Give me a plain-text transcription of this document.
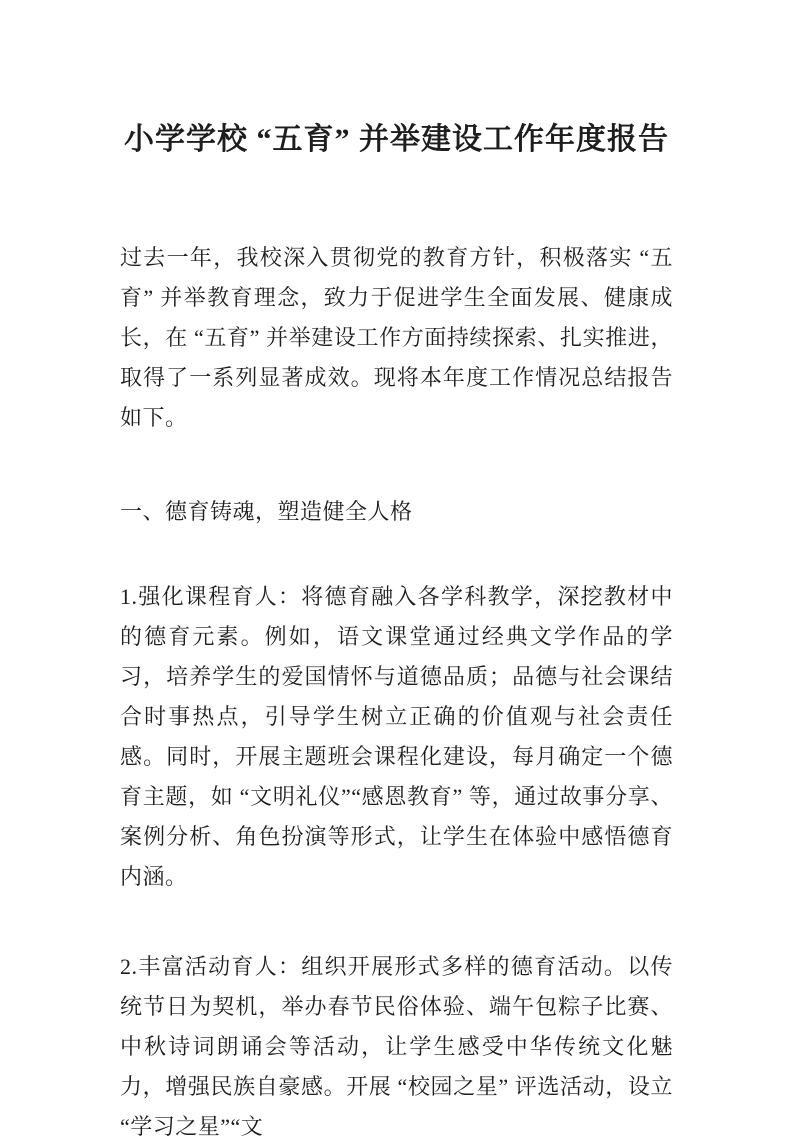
小学学校 “五育” 并举建设工作年度报告

过去一年，我校深入贯彻党的教育方针，积极落实 “五育” 并举教育理念，致力于促进学生全面发展、健康成长，在 “五育” 并举建设工作方面持续探索、扎实推进，取得了一系列显著成效。现将本年度工作情况总结报告如下。

一、德育铸魂，塑造健全人格

1.强化课程育人：将德育融入各学科教学，深挖教材中的德育元素。例如，语文课堂通过经典文学作品的学习，培养学生的爱国情怀与道德品质；品德与社会课结合时事热点，引导学生树立正确的价值观与社会责任感。同时，开展主题班会课程化建设，每月确定一个德育主题，如 “文明礼仪”“感恩教育” 等，通过故事分享、案例分析、角色扮演等形式，让学生在体验中感悟德育内涵。

2.丰富活动育人：组织开展形式多样的德育活动。以传统节日为契机，举办春节民俗体验、端午包粽子比赛、中秋诗词朗诵会等活动，让学生感受中华传统文化魅力，增强民族自豪感。开展 “校园之星” 评选活动，设立 “学习之星”“文
